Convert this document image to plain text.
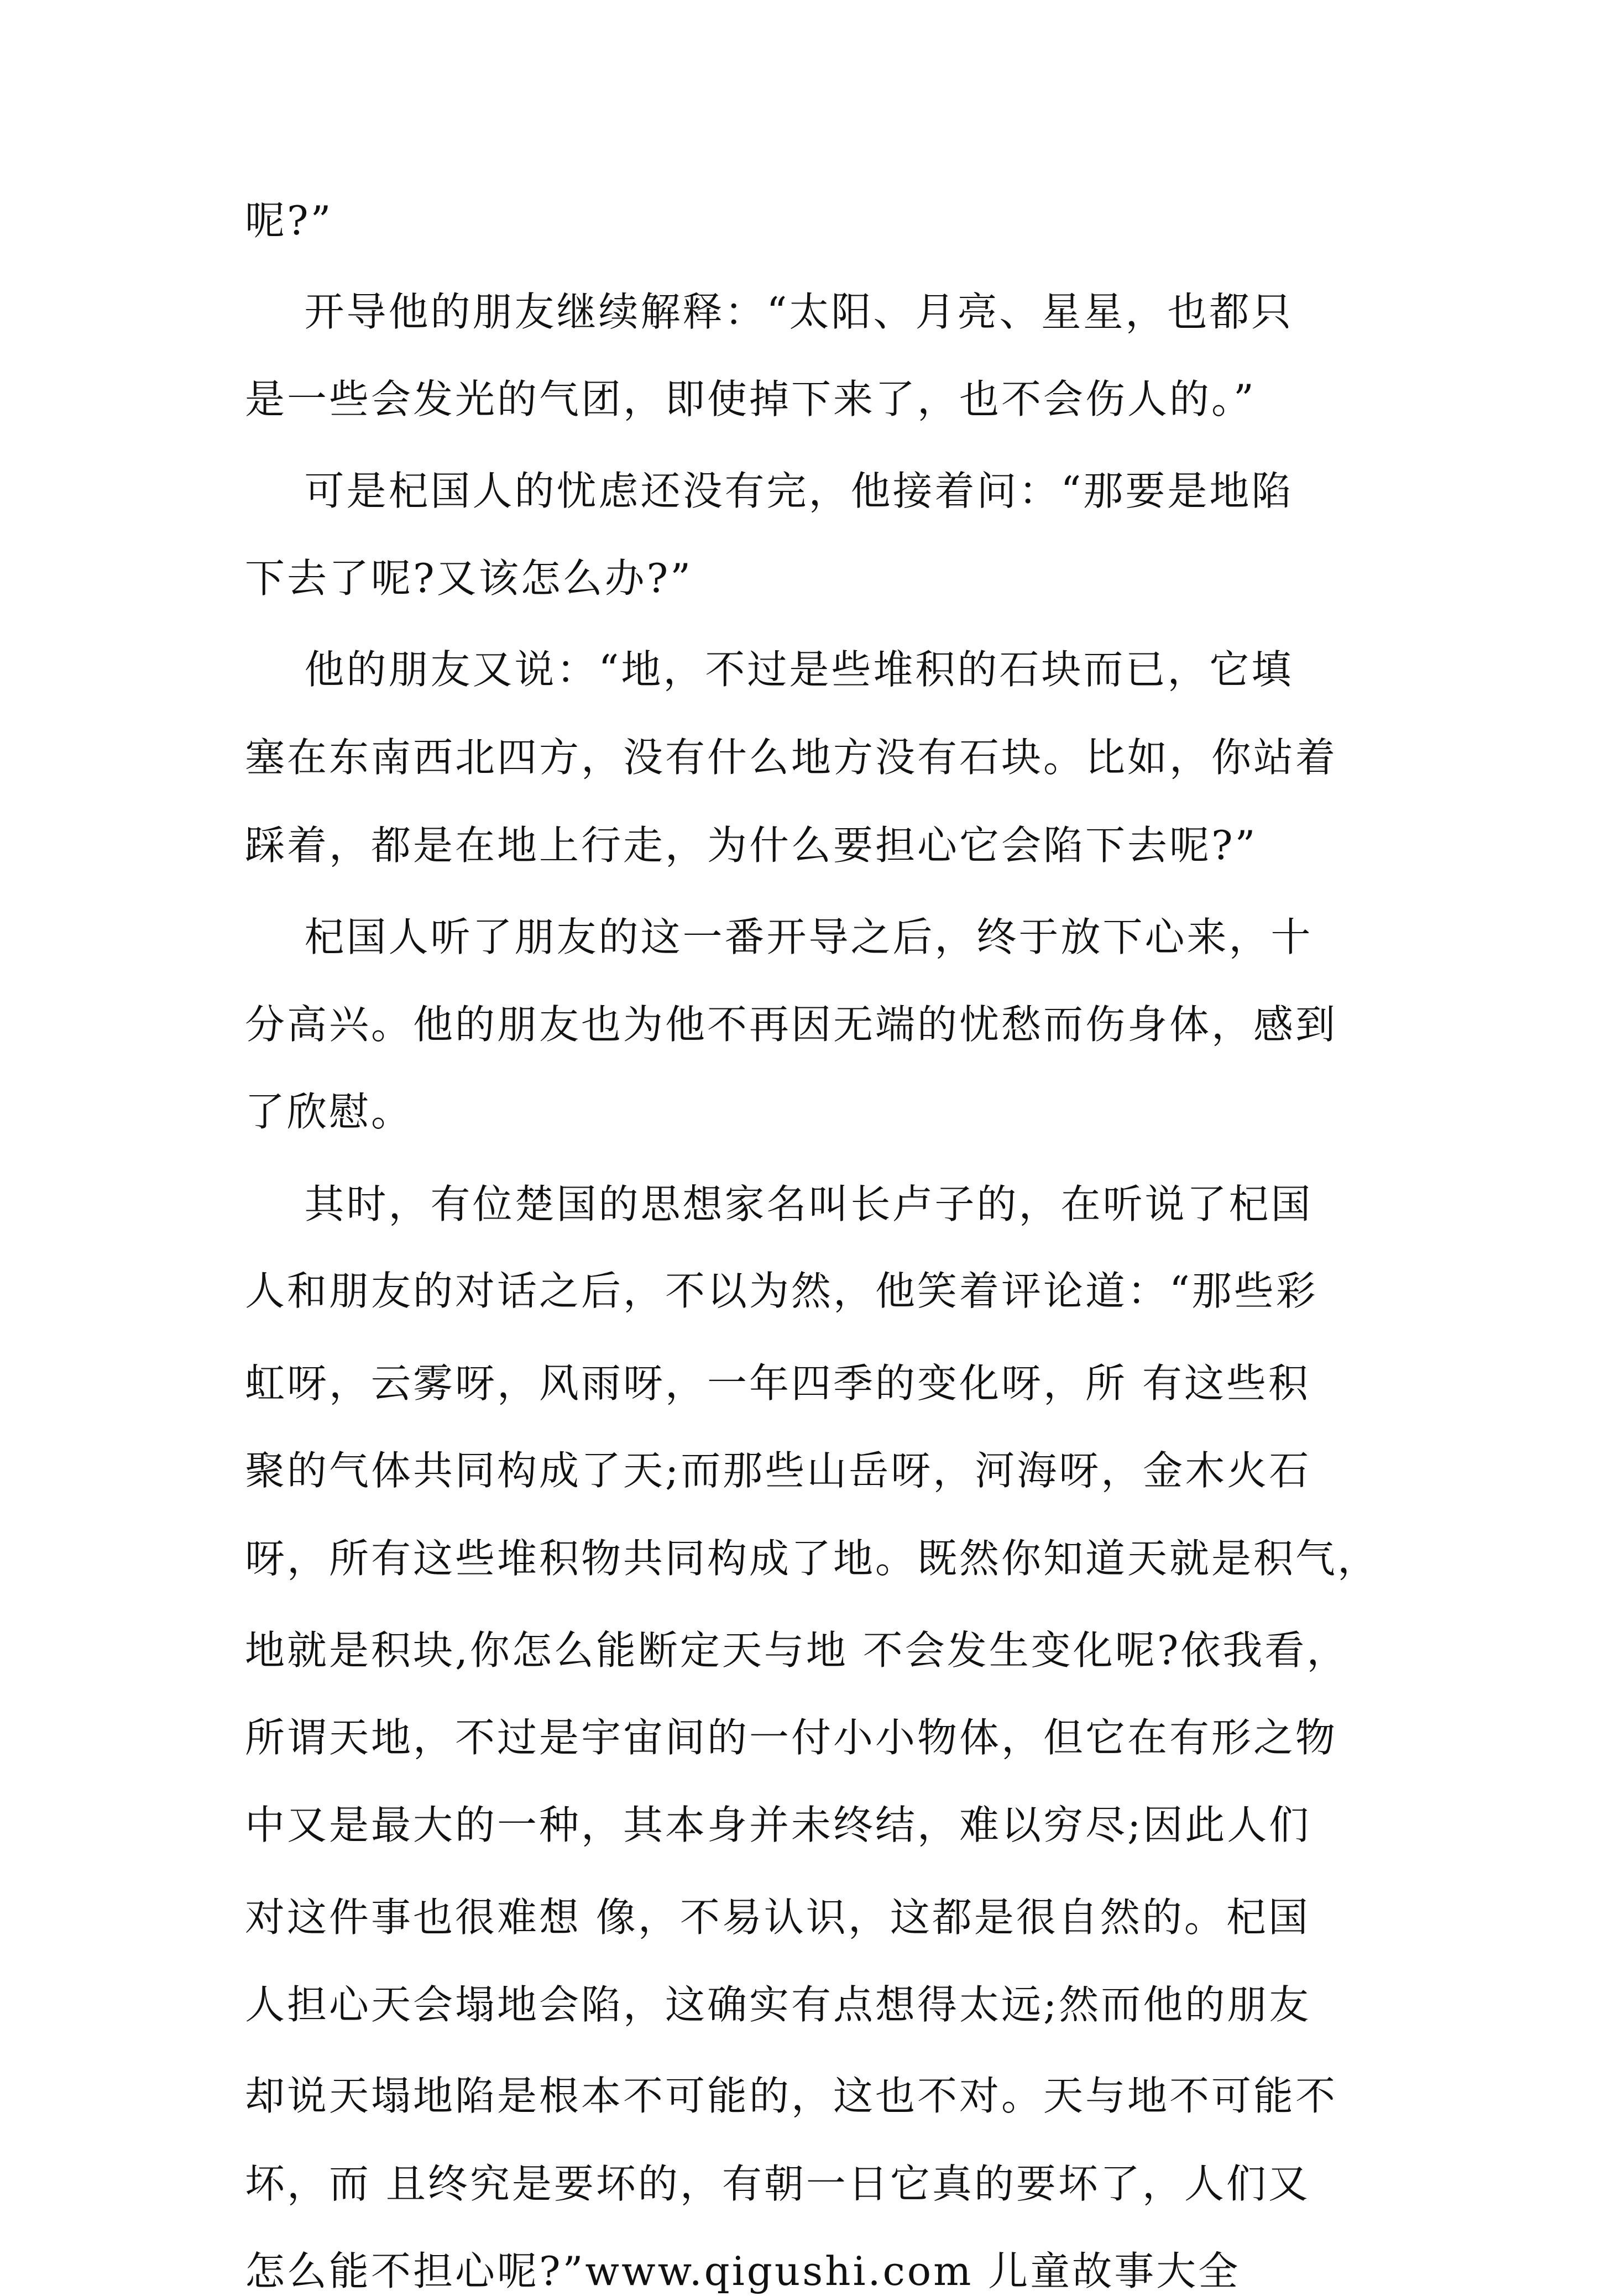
呢?”
开导他的朋友继续解释：“太阳、月亮、星星，也都只
是一些会发光的气团，即使掉下来了，也不会伤人的。”
可是杞国人的忧虑还没有完，他接着问：“那要是地陷
下去了呢?又该怎么办?”
他的朋友又说：“地，不过是些堆积的石块而已，它填
塞在东南西北四方，没有什么地方没有石块。比如，你站着
踩着，都是在地上行走，为什么要担心它会陷下去呢?”
杞国人听了朋友的这一番开导之后，终于放下心来，十
分高兴。他的朋友也为他不再因无端的忧愁而伤身体，感到
了欣慰。
其时，有位楚国的思想家名叫长卢子的，在听说了杞国
人和朋友的对话之后，不以为然，他笑着评论道：“那些彩
虹呀，云雾呀，风雨呀，一年四季的变化呀，所 有这些积
聚的气体共同构成了天;而那些山岳呀，河海呀，金木火石
呀，所有这些堆积物共同构成了地。既然你知道天就是积气，
地就是积块,你怎么能断定天与地 不会发生变化呢?依我看，
所谓天地，不过是宇宙间的一付小小物体，但它在有形之物
中又是最大的一种，其本身并未终结，难以穷尽;因此人们
对这件事也很难想 像，不易认识，这都是很自然的。杞国
人担心天会塌地会陷，这确实有点想得太远;然而他的朋友
却说天塌地陷是根本不可能的，这也不对。天与地不可能不
坏，而 且终究是要坏的，有朝一日它真的要坏了，人们又
怎么能不担心呢?”www.qigushi.com 儿童故事大全
